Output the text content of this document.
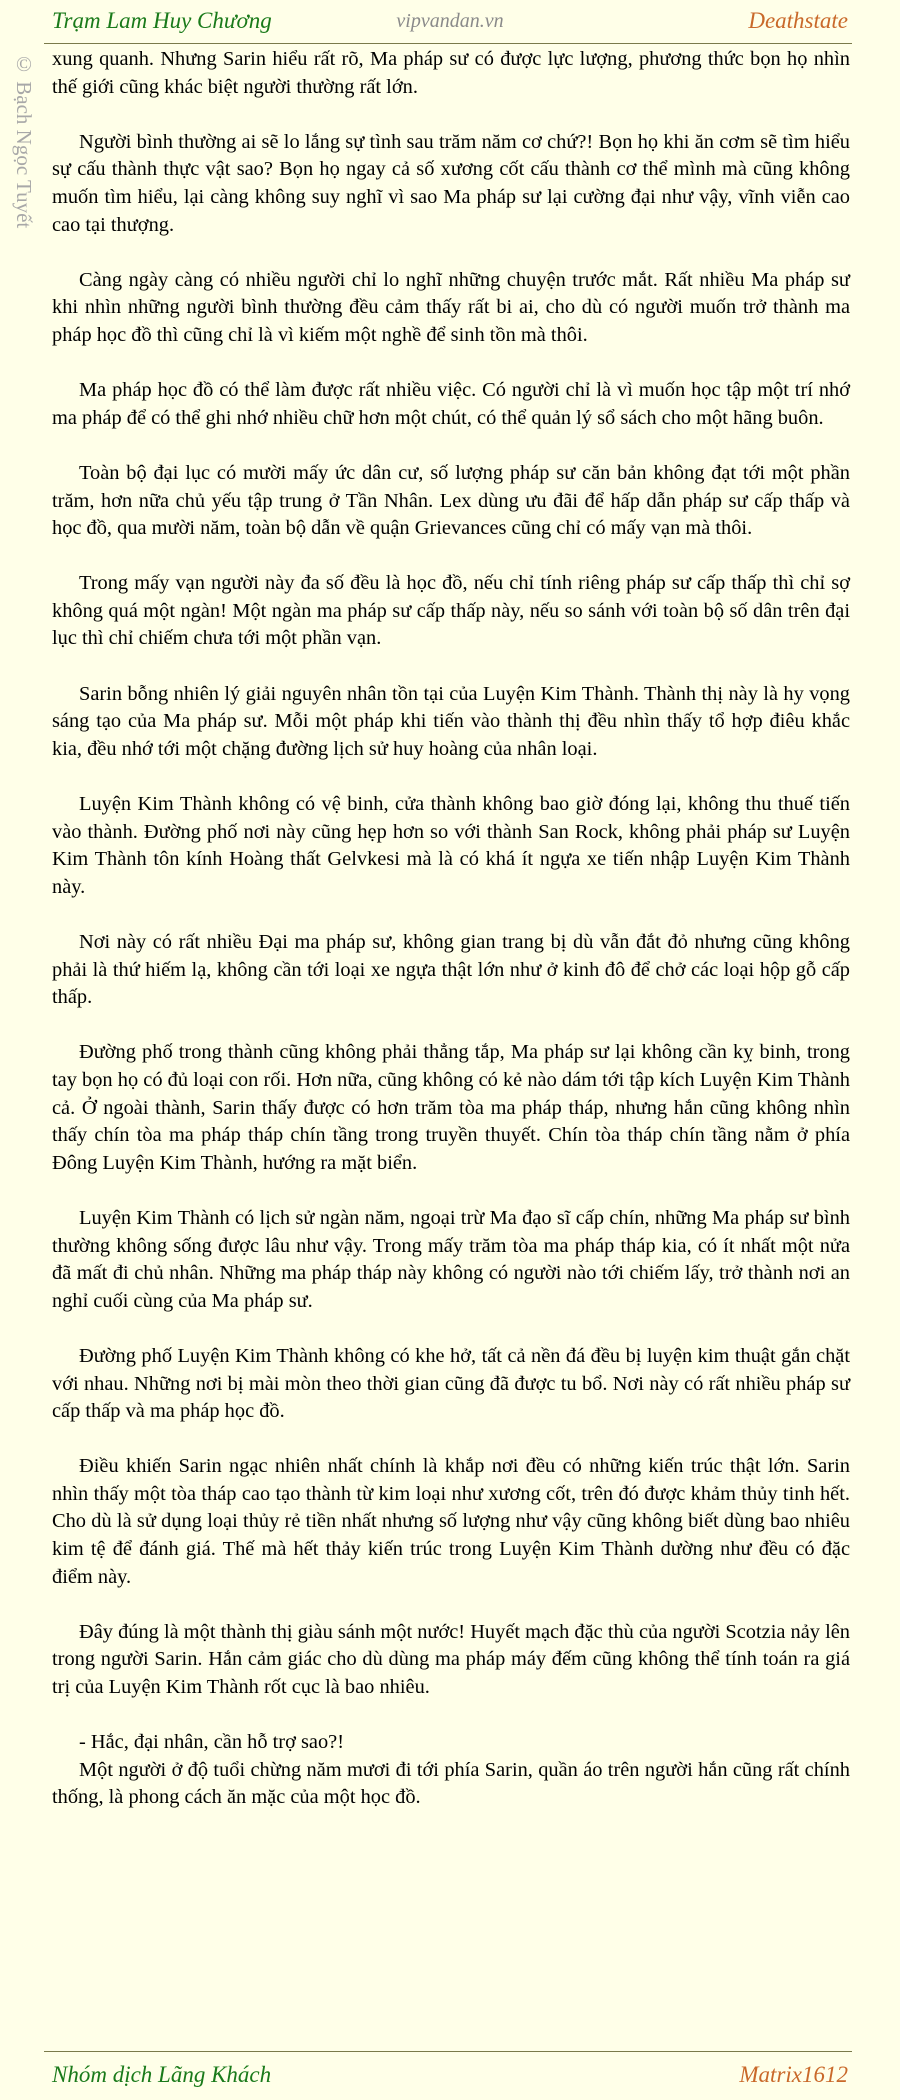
Trạm Lam Huy Chương	vipvandan.vn	Deathstate
© Bạch Ngọc Tuyết xung quanh. Nhưng Sarin hiểu rất rõ, Ma pháp sư có được lực lượng, phương thức bọn họ nhìn thế giới cũng khác biệt người thường rất lớn.

Người bình thường ai sẽ lo lắng sự tình sau trăm năm cơ chứ?! Bọn họ khi ăn cơm sẽ tìm hiểu sự cấu thành thực vật sao? Bọn họ ngay cả số xương cốt cấu thành cơ thể mình mà cũng không muốn tìm hiểu, lại càng không suy nghĩ vì sao Ma pháp sư lại cường đại như vậy, vĩnh viễn cao cao tại thượng.

Càng ngày càng có nhiều người chỉ lo nghĩ những chuyện trước mắt. Rất nhiều Ma pháp sư khi nhìn những người bình thường đều cảm thấy rất bi ai, cho dù có người muốn trở thành ma pháp học đồ thì cũng chỉ là vì kiếm một nghề để sinh tồn mà thôi.

Ma pháp học đồ có thể làm được rất nhiều việc. Có người chỉ là vì muốn học tập một trí nhớ ma pháp để có thể ghi nhớ nhiều chữ hơn một chút, có thể quản lý sổ sách cho một hãng buôn.

Toàn bộ đại lục có mười mấy ức dân cư, số lượng pháp sư căn bản không đạt tới một phần trăm, hơn nữa chủ yếu tập trung ở Tần Nhân. Lex dùng ưu đãi để hấp dẫn pháp sư cấp thấp và học đồ, qua mười năm, toàn bộ dẫn về quận Grievances cũng chỉ có mấy vạn mà thôi.

Trong mấy vạn người này đa số đều là học đồ, nếu chỉ tính riêng pháp sư cấp thấp thì chỉ sợ không quá một ngàn! Một ngàn ma pháp sư cấp thấp này, nếu so sánh với toàn bộ số dân trên đại lục thì chỉ chiếm chưa tới một phần vạn.

Sarin bỗng nhiên lý giải nguyên nhân tồn tại của Luyện Kim Thành. Thành thị này là hy vọng sáng tạo của Ma pháp sư. Mỗi một pháp khi tiến vào thành thị đều nhìn thấy tổ hợp điêu khắc kia, đều nhớ tới một chặng đường lịch sử huy hoàng của nhân loại.

Luyện Kim Thành không có vệ binh, cửa thành không bao giờ đóng lại, không thu thuế tiến vào thành. Đường phố nơi này cũng hẹp hơn so với thành San Rock, không phải pháp sư Luyện Kim Thành tôn kính Hoàng thất Gelvkesi mà là có khá ít ngựa xe tiến nhập Luyện Kim Thành này.

Nơi này có rất nhiều Đại ma pháp sư, không gian trang bị dù vẫn đắt đỏ nhưng cũng không phải là thứ hiếm lạ, không cần tới loại xe ngựa thật lớn như ở kinh đô để chở các loại hộp gỗ cấp thấp.

Đường phố trong thành cũng không phải thẳng tắp, Ma pháp sư lại không cần kỵ binh, trong tay bọn họ có đủ loại con rối. Hơn nữa, cũng không có kẻ nào dám tới tập kích Luyện Kim Thành cả. Ở ngoài thành, Sarin thấy được có hơn trăm tòa ma pháp tháp, nhưng hắn cũng không nhìn thấy chín tòa ma pháp tháp chín tầng trong truyền thuyết. Chín tòa tháp chín tầng nằm ở phía Đông Luyện Kim Thành, hướng ra mặt biển.

Luyện Kim Thành có lịch sử ngàn năm, ngoại trừ Ma đạo sĩ cấp chín, những Ma pháp sư bình thường không sống được lâu như vậy. Trong mấy trăm tòa ma pháp tháp kia, có ít nhất một nửa đã mất đi chủ nhân. Những ma pháp tháp này không có người nào tới chiếm lấy, trở thành nơi an nghỉ cuối cùng của Ma pháp sư.

Đường phố Luyện Kim Thành không có khe hở, tất cả nền đá đều bị luyện kim thuật gắn chặt với nhau. Những nơi bị mài mòn theo thời gian cũng đã được tu bổ. Nơi này có rất nhiều pháp sư cấp thấp và ma pháp học đồ.

Điều khiến Sarin ngạc nhiên nhất chính là khắp nơi đều có những kiến trúc thật lớn. Sarin nhìn thấy một tòa tháp cao tạo thành từ kim loại như xương cốt, trên đó được khảm thủy tinh hết. Cho dù là sử dụng loại thủy rẻ tiền nhất nhưng số lượng như vậy cũng không biết dùng bao nhiêu kim tệ để đánh giá. Thế mà hết thảy kiến trúc trong Luyện Kim Thành dường như đều có đặc điểm này.

Đây đúng là một thành thị giàu sánh một nước! Huyết mạch đặc thù của người Scotzia nảy lên trong người Sarin. Hắn cảm giác cho dù dùng ma pháp máy đếm cũng không thể tính toán ra giá trị của Luyện Kim Thành rốt cục là bao nhiêu.

- Hắc, đại nhân, cần hỗ trợ sao?!

Một người ở độ tuổi chừng năm mươi đi tới phía Sarin, quần áo trên người hắn cũng rất chính thống, là phong cách ăn mặc của một học đồ.

Nhóm dịch Lãng Khách	Matrix1612
